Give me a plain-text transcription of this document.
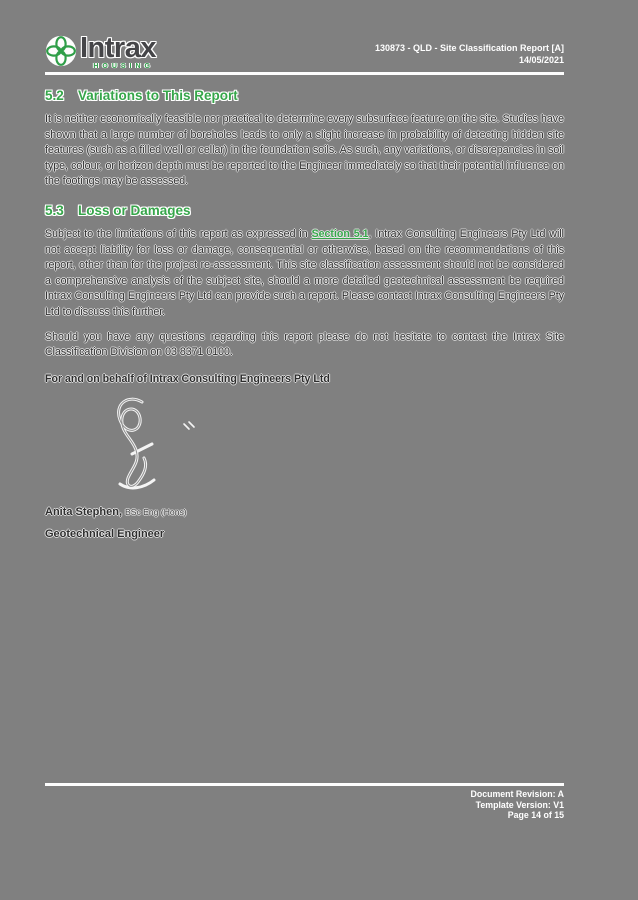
Intrax
HOUSING
130873 - QLD - Site Classification Report [A]
14/05/2021
5.2	Variations to This Report

It is neither economically feasible nor practical to determine every subsurface feature on the site. Studies have shown that a large number of boreholes leads to only a slight increase in probability of detecting hidden site features (such as a filled well or cellar) in the foundation soils. As such, any variations, or discrepancies in soil type, colour, or horizon depth must be reported to the Engineer immediately so that their potential influence on the footings may be assessed.

5.3	Loss or Damages

Subject to the limitations of this report as expressed in Section 5.1, Intrax Consulting Engineers Pty Ltd will not accept liability for loss or damage, consequential or otherwise, based on the recommendations of this report, other than for the project re-assessment. This site classification assessment should not be considered a comprehensive analysis of the subject site, should a more detailed geotechnical assessment be required Intrax Consulting Engineers Pty Ltd can provide such a report. Please contact Intrax Consulting Engineers Pty Ltd to discuss this further.

Should you have any questions regarding this report please do not hesitate to contact the Intrax Site Classification Division on 03 8371 0100.

For and on behalf of Intrax Consulting Engineers Pty Ltd

Anita Stephen, BSc Eng (Hons)

Geotechnical Engineer

Document Revision: A
Template Version: V1
Page 14 of 15
